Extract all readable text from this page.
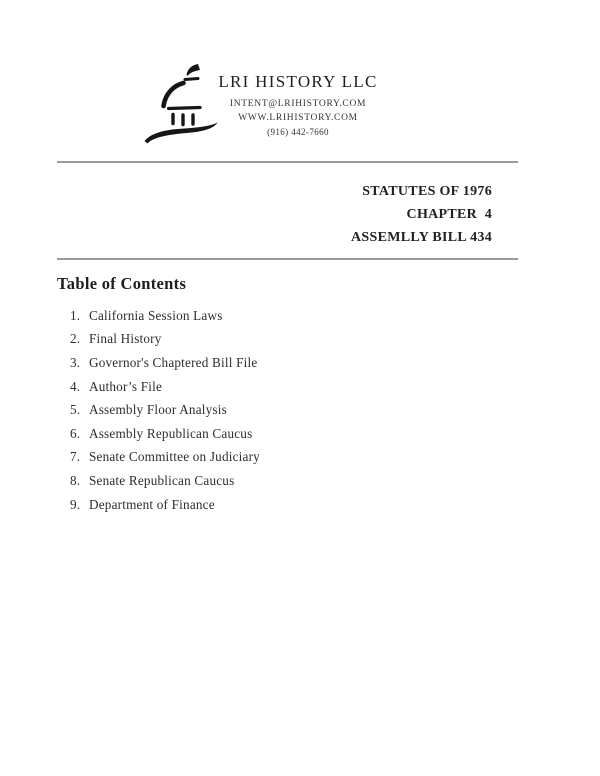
LRI HISTORY LLC
INTENT@LRIHISTORY.COM
WWW.LRIHISTORY.COM
(916) 442-7660
STATUTES OF 1976
CHAPTER  4
ASSEMLLY BILL 434
Table of Contents
1. California Session Laws
2. Final History
3. Governor's Chaptered Bill File
4. Author’s File
5. Assembly Floor Analysis
6. Assembly Republican Caucus
7. Senate Committee on Judiciary
8. Senate Republican Caucus
9. Department of Finance
